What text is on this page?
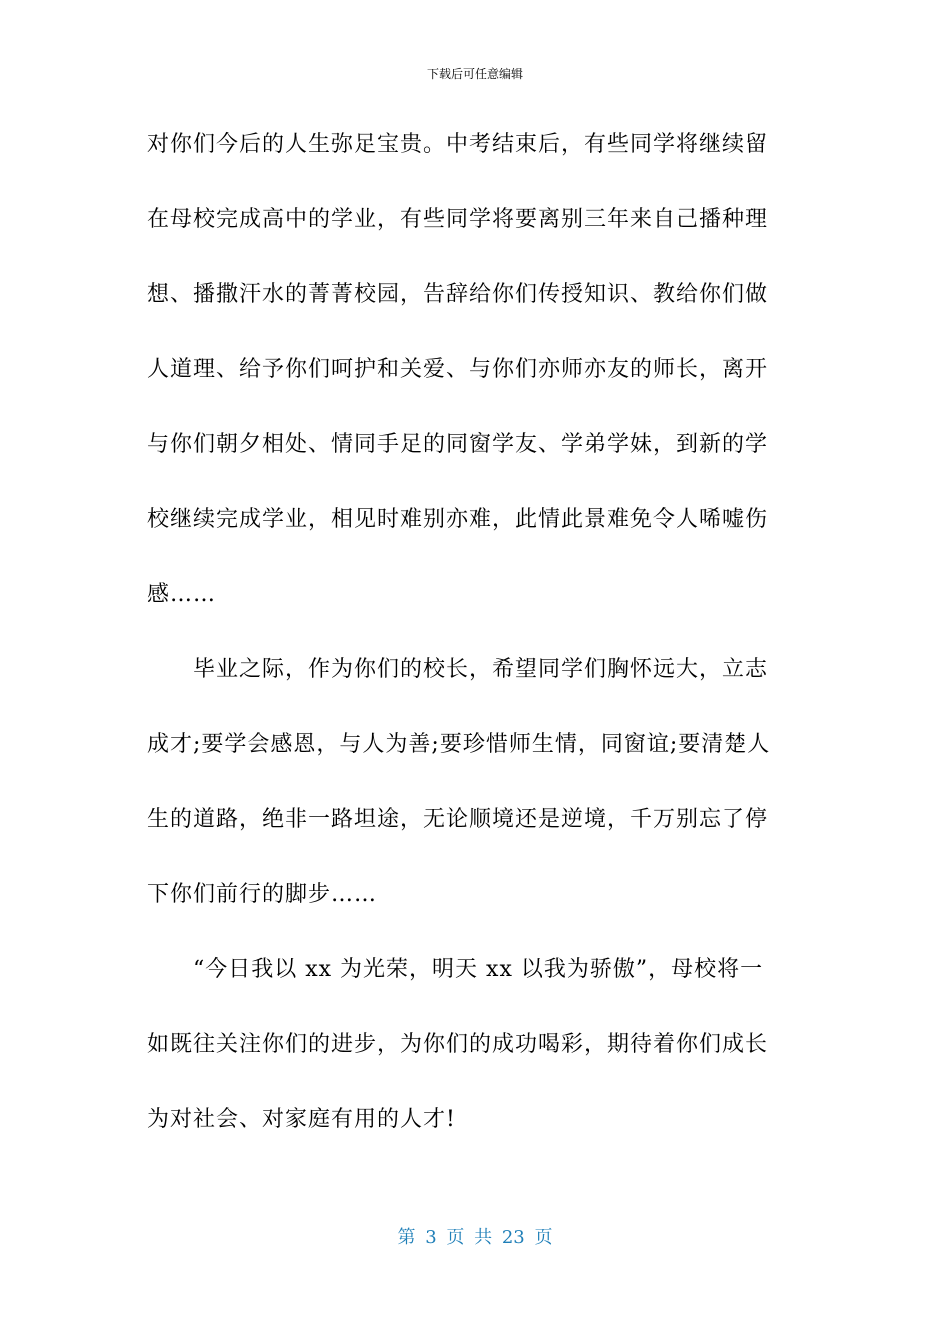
下载后可任意编辑
对你们今后的人生弥足宝贵。中考结束后，有些同学将继续留
在母校完成高中的学业，有些同学将要离别三年来自己播种理
想、播撒汗水的菁菁校园，告辞给你们传授知识、教给你们做
人道理、给予你们呵护和关爱、与你们亦师亦友的师长，离开
与你们朝夕相处、情同手足的同窗学友、学弟学妹，到新的学
校继续完成学业，相见时难别亦难，此情此景难免令人唏嘘伤
感……
毕业之际，作为你们的校长，希望同学们胸怀远大，立志
成才;要学会感恩，与人为善;要珍惜师生情，同窗谊;要清楚人
生的道路，绝非一路坦途，无论顺境还是逆境，千万别忘了停
下你们前行的脚步……
“今日我以 xx 为光荣，明天 xx 以我为骄傲”，母校将一
如既往关注你们的进步，为你们的成功喝彩，期待着你们成长
为对社会、对家庭有用的人才!
第 3 页 共 23 页
